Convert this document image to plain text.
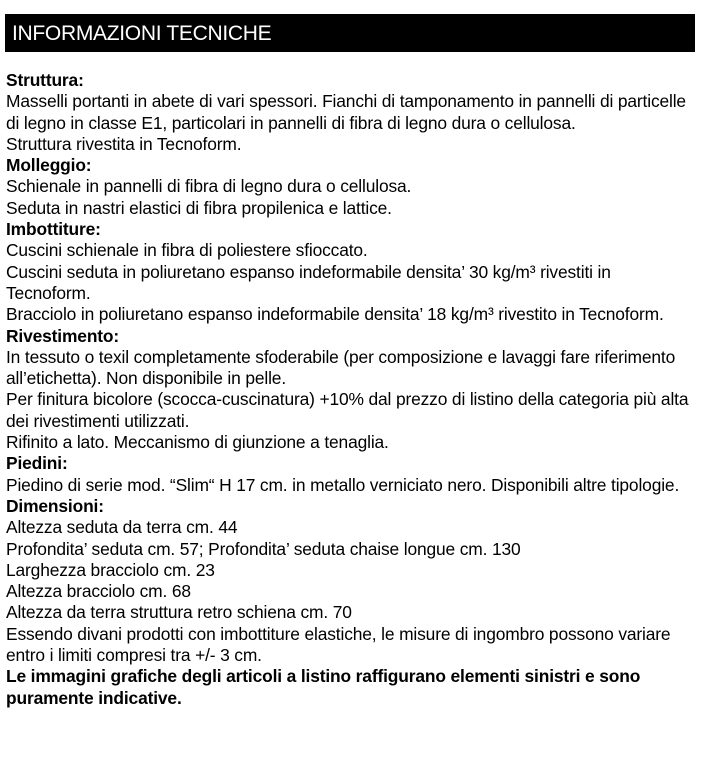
INFORMAZIONI TECNICHE
Struttura:
Masselli portanti in abete di vari spessori. Fianchi di tamponamento in pannelli di particelle di legno in classe E1, particolari in pannelli di fibra di legno dura o cellulosa.
Struttura rivestita in Tecnoform.
Molleggio:
Schienale in pannelli di fibra di legno dura o cellulosa.
Seduta in nastri elastici di fibra propilenica e lattice.
Imbottiture:
Cuscini schienale in fibra di poliestere sfioccato.
Cuscini seduta in poliuretano espanso indeformabile densita’ 30 kg/m³ rivestiti in Tecnoform.
Bracciolo in poliuretano espanso indeformabile densita’ 18 kg/m³ rivestito in Tecnoform.
Rivestimento:
In tessuto o texil completamente sfoderabile (per composizione e lavaggi fare riferimento all’etichetta). Non disponibile in pelle.
Per finitura bicolore (scocca-cuscinatura) +10% dal prezzo di listino della categoria più alta dei rivestimenti utilizzati.
Rifinito a lato. Meccanismo di giunzione a tenaglia.
Piedini:
Piedino di serie mod. “Slim“ H 17 cm. in metallo verniciato nero. Disponibili altre tipologie.
Dimensioni:
Altezza seduta da terra cm. 44
Profondita’ seduta cm. 57; Profondita’ seduta chaise longue cm. 130
Larghezza bracciolo cm. 23
Altezza bracciolo cm. 68
Altezza da terra struttura retro schiena cm. 70
Essendo divani prodotti con imbottiture elastiche, le misure di ingombro possono variare entro i limiti compresi tra +/- 3 cm.
Le immagini grafiche degli articoli a listino raffigurano elementi sinistri e sono puramente indicative.
